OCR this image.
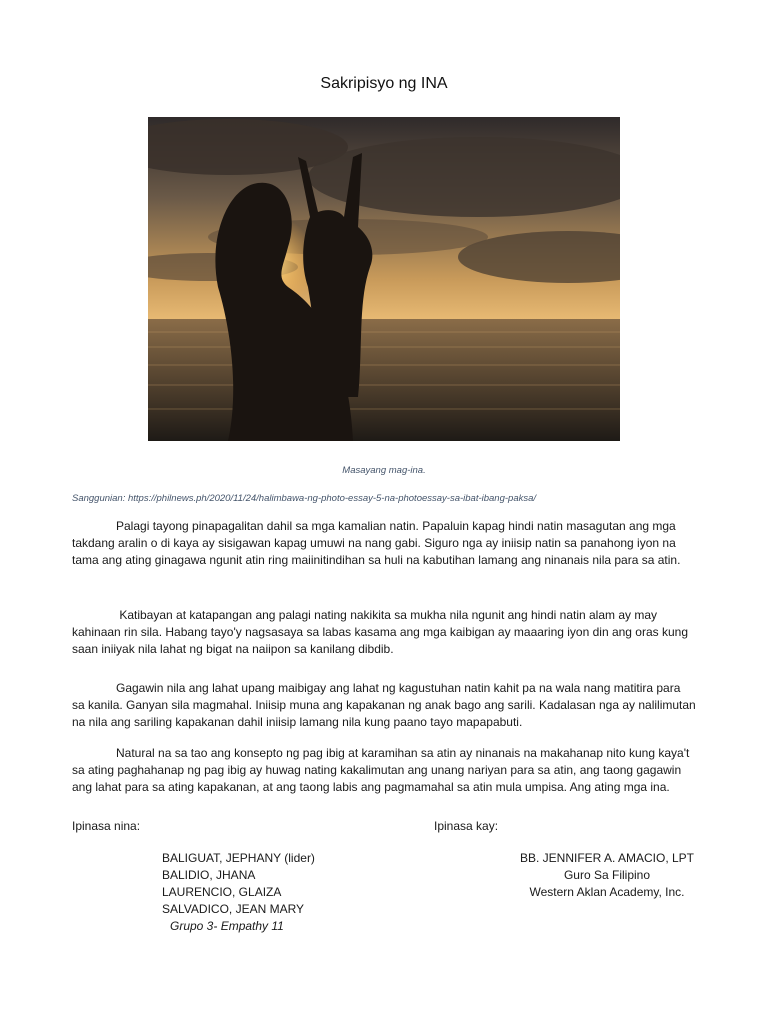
Sakripisyo ng INA
Masayang mag-ina.
Sanggunian: https://philnews.ph/2020/11/24/halimbawa-ng-photo-essay-5-na-photoessay-sa-ibat-ibang-paksa/
Palagi tayong pinapagalitan dahil sa mga kamalian natin. Papaluin kapag hindi natin masagutan ang mga takdang aralin o di kaya ay sisigawan kapag umuwi na nang gabi. Siguro nga ay iniisip natin sa panahong iyon na tama ang ating ginagawa ngunit atin ring maiinitindihan sa huli na kabutihan lamang ang ninanais nila para sa atin.
Katibayan at katapangan ang palagi nating nakikita sa mukha nila ngunit ang hindi natin alam ay may kahinaan rin sila. Habang tayo'y nagsasaya sa labas kasama ang mga kaibigan ay maaaring iyon din ang oras kung saan iniiyak nila lahat ng bigat na naiipon sa kanilang dibdib.
Gagawin nila ang lahat upang maibigay ang lahat ng kagustuhan natin kahit pa na wala nang matitira para sa kanila. Ganyan sila magmahal. Iniisip muna ang kapakanan ng anak bago ang sarili. Kadalasan nga ay nalilimutan na nila ang sariling kapakanan dahil iniisip lamang nila kung paano tayo mapapabuti.
Natural na sa tao ang konsepto ng pag ibig at karamihan sa atin ay ninanais na makahanap nito kung kaya't sa ating paghahanap ng pag ibig ay huwag nating kakalimutan ang unang nariyan para sa atin, ang taong gagawin ang lahat para sa ating kapakanan, at ang taong labis ang pagmamahal sa atin mula umpisa. Ang ating mga ina.
Ipinasa nina:	Ipinasa kay:
BALIGUAT, JEPHANY (lider)
BALIDIO, JHANA
LAURENCIO, GLAIZA
SALVADICO, JEAN MARY
Grupo 3- Empathy 11
BB. JENNIFER A. AMACIO, LPT
Guro Sa Filipino
Western Aklan Academy, Inc.
